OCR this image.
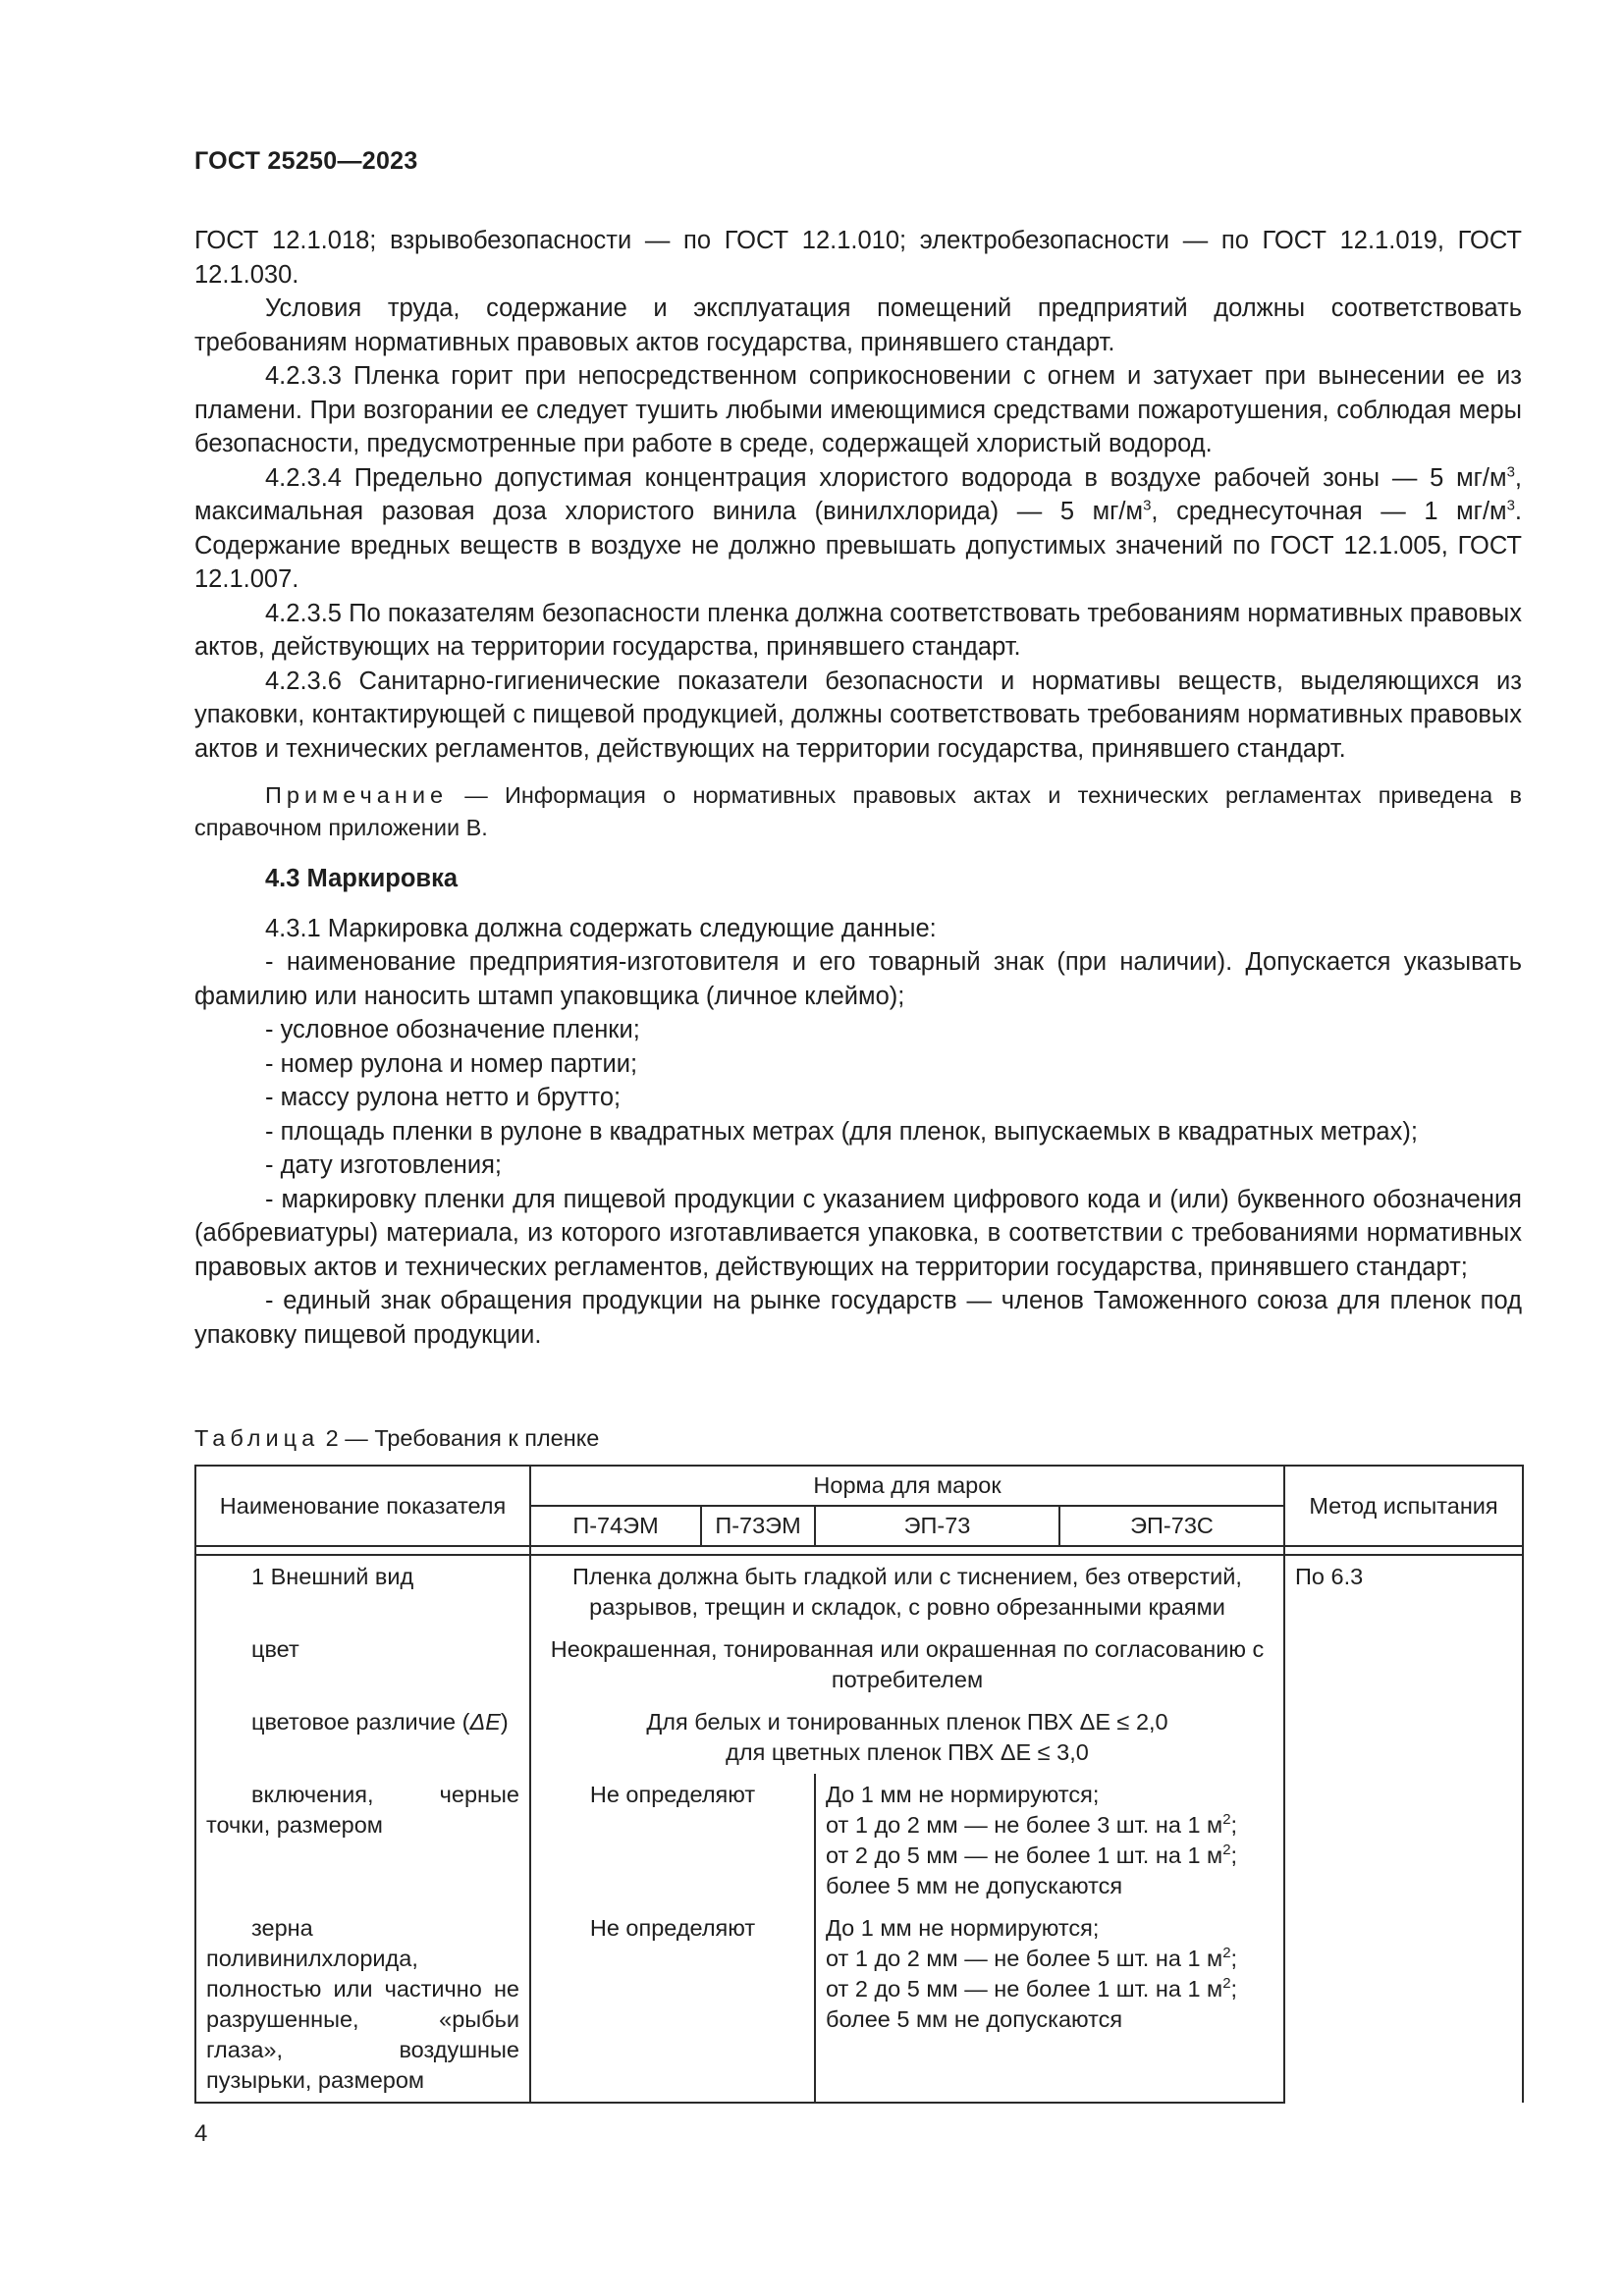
ГОСТ 25250—2023

ГОСТ 12.1.018; взрывобезопасности — по ГОСТ 12.1.010; электробезопасности — по ГОСТ 12.1.019, ГОСТ 12.1.030.

Условия труда, содержание и эксплуатация помещений предприятий должны соответствовать требованиям нормативных правовых актов государства, принявшего стандарт.

4.2.3.3 Пленка горит при непосредственном соприкосновении с огнем и затухает при вынесении ее из пламени. При возгорании ее следует тушить любыми имеющимися средствами пожаротушения, соблюдая меры безопасности, предусмотренные при работе в среде, содержащей хлористый водород.

4.2.3.4 Предельно допустимая концентрация хлористого водорода в воздухе рабочей зоны — 5 $мг/м^3$, максимальная разовая доза хлористого винила (винилхлорида) — 5 $мг/м^3$, среднесуточная — 1 $мг/м^3$. Содержание вредных веществ в воздухе не должно превышать допустимых значений по ГОСТ 12.1.005, ГОСТ 12.1.007.

4.2.3.5 По показателям безопасности пленка должна соответствовать требованиям нормативных правовых актов, действующих на территории государства, принявшего стандарт.

4.2.3.6 Санитарно-гигиенические показатели безопасности и нормативы веществ, выделяющихся из упаковки, контактирующей с пищевой продукцией, должны соответствовать требованиям нормативных правовых актов и технических регламентов, действующих на территории государства, принявшего стандарт.

Примечание — Информация о нормативных правовых актах и технических регламентах приведена в справочном приложении В.

4.3 Маркировка

4.3.1 Маркировка должна содержать следующие данные:

- наименование предприятия-изготовителя и его товарный знак (при наличии). Допускается указывать фамилию или наносить штамп упаковщика (личное клеймо);

- условное обозначение пленки;

- номер рулона и номер партии;

- массу рулона нетто и брутто;

- площадь пленки в рулоне в квадратных метрах (для пленок, выпускаемых в квадратных метрах);

- дату изготовления;

- маркировку пленки для пищевой продукции с указанием цифрового кода и (или) буквенного обозначения (аббревиатуры) материала, из которого изготавливается упаковка, в соответствии с требованиями нормативных правовых актов и технических регламентов, действующих на территории государства, принявшего стандарт;

- единый знак обращения продукции на рынке государств — членов Таможенного союза для пленок под упаковку пищевой продукции.

Таблица 2 — Требования к пленке
Наименование показателя	Норма для марок				Метод испытания
	П-74ЭМ	П-73ЭМ	ЭП-73	ЭП-73С	

1 Внешний вид	Пленка должна быть гладкой или с тиснением, без отверстий, разрывов, трещин и складок, с ровно обрезанными краями				По 6.3
цвет	Неокрашенная, тонированная или окрашенная по согласованию с потребителем				
цветовое различие (ΔE)	Для белых и тонированных пленок ПВХ ΔE ≤ 2,0
для цветных пленок ПВХ ΔE ≤ 3,0				

включения, черные точки, размером	Не определяют		До 1 мм не нормируются;
от 1 до 2 мм — не более 3 шт. на 1 $м^2$;
от 2 до 5 мм — не более 1 шт. на 1 $м^2$;
более 5 мм не допускаются		

зерна поливинилхлорида, полностью или частично не разрушенные, «рыбьи глаза», воздушные пузырьки, размером	Не определяют		До 1 мм не нормируются;
от 1 до 2 мм — не более 5 шт. на 1 $м^2$;
от 2 до 5 мм — не более 1 шт. на 1 $м^2$;
более 5 мм не допускаются		
4
